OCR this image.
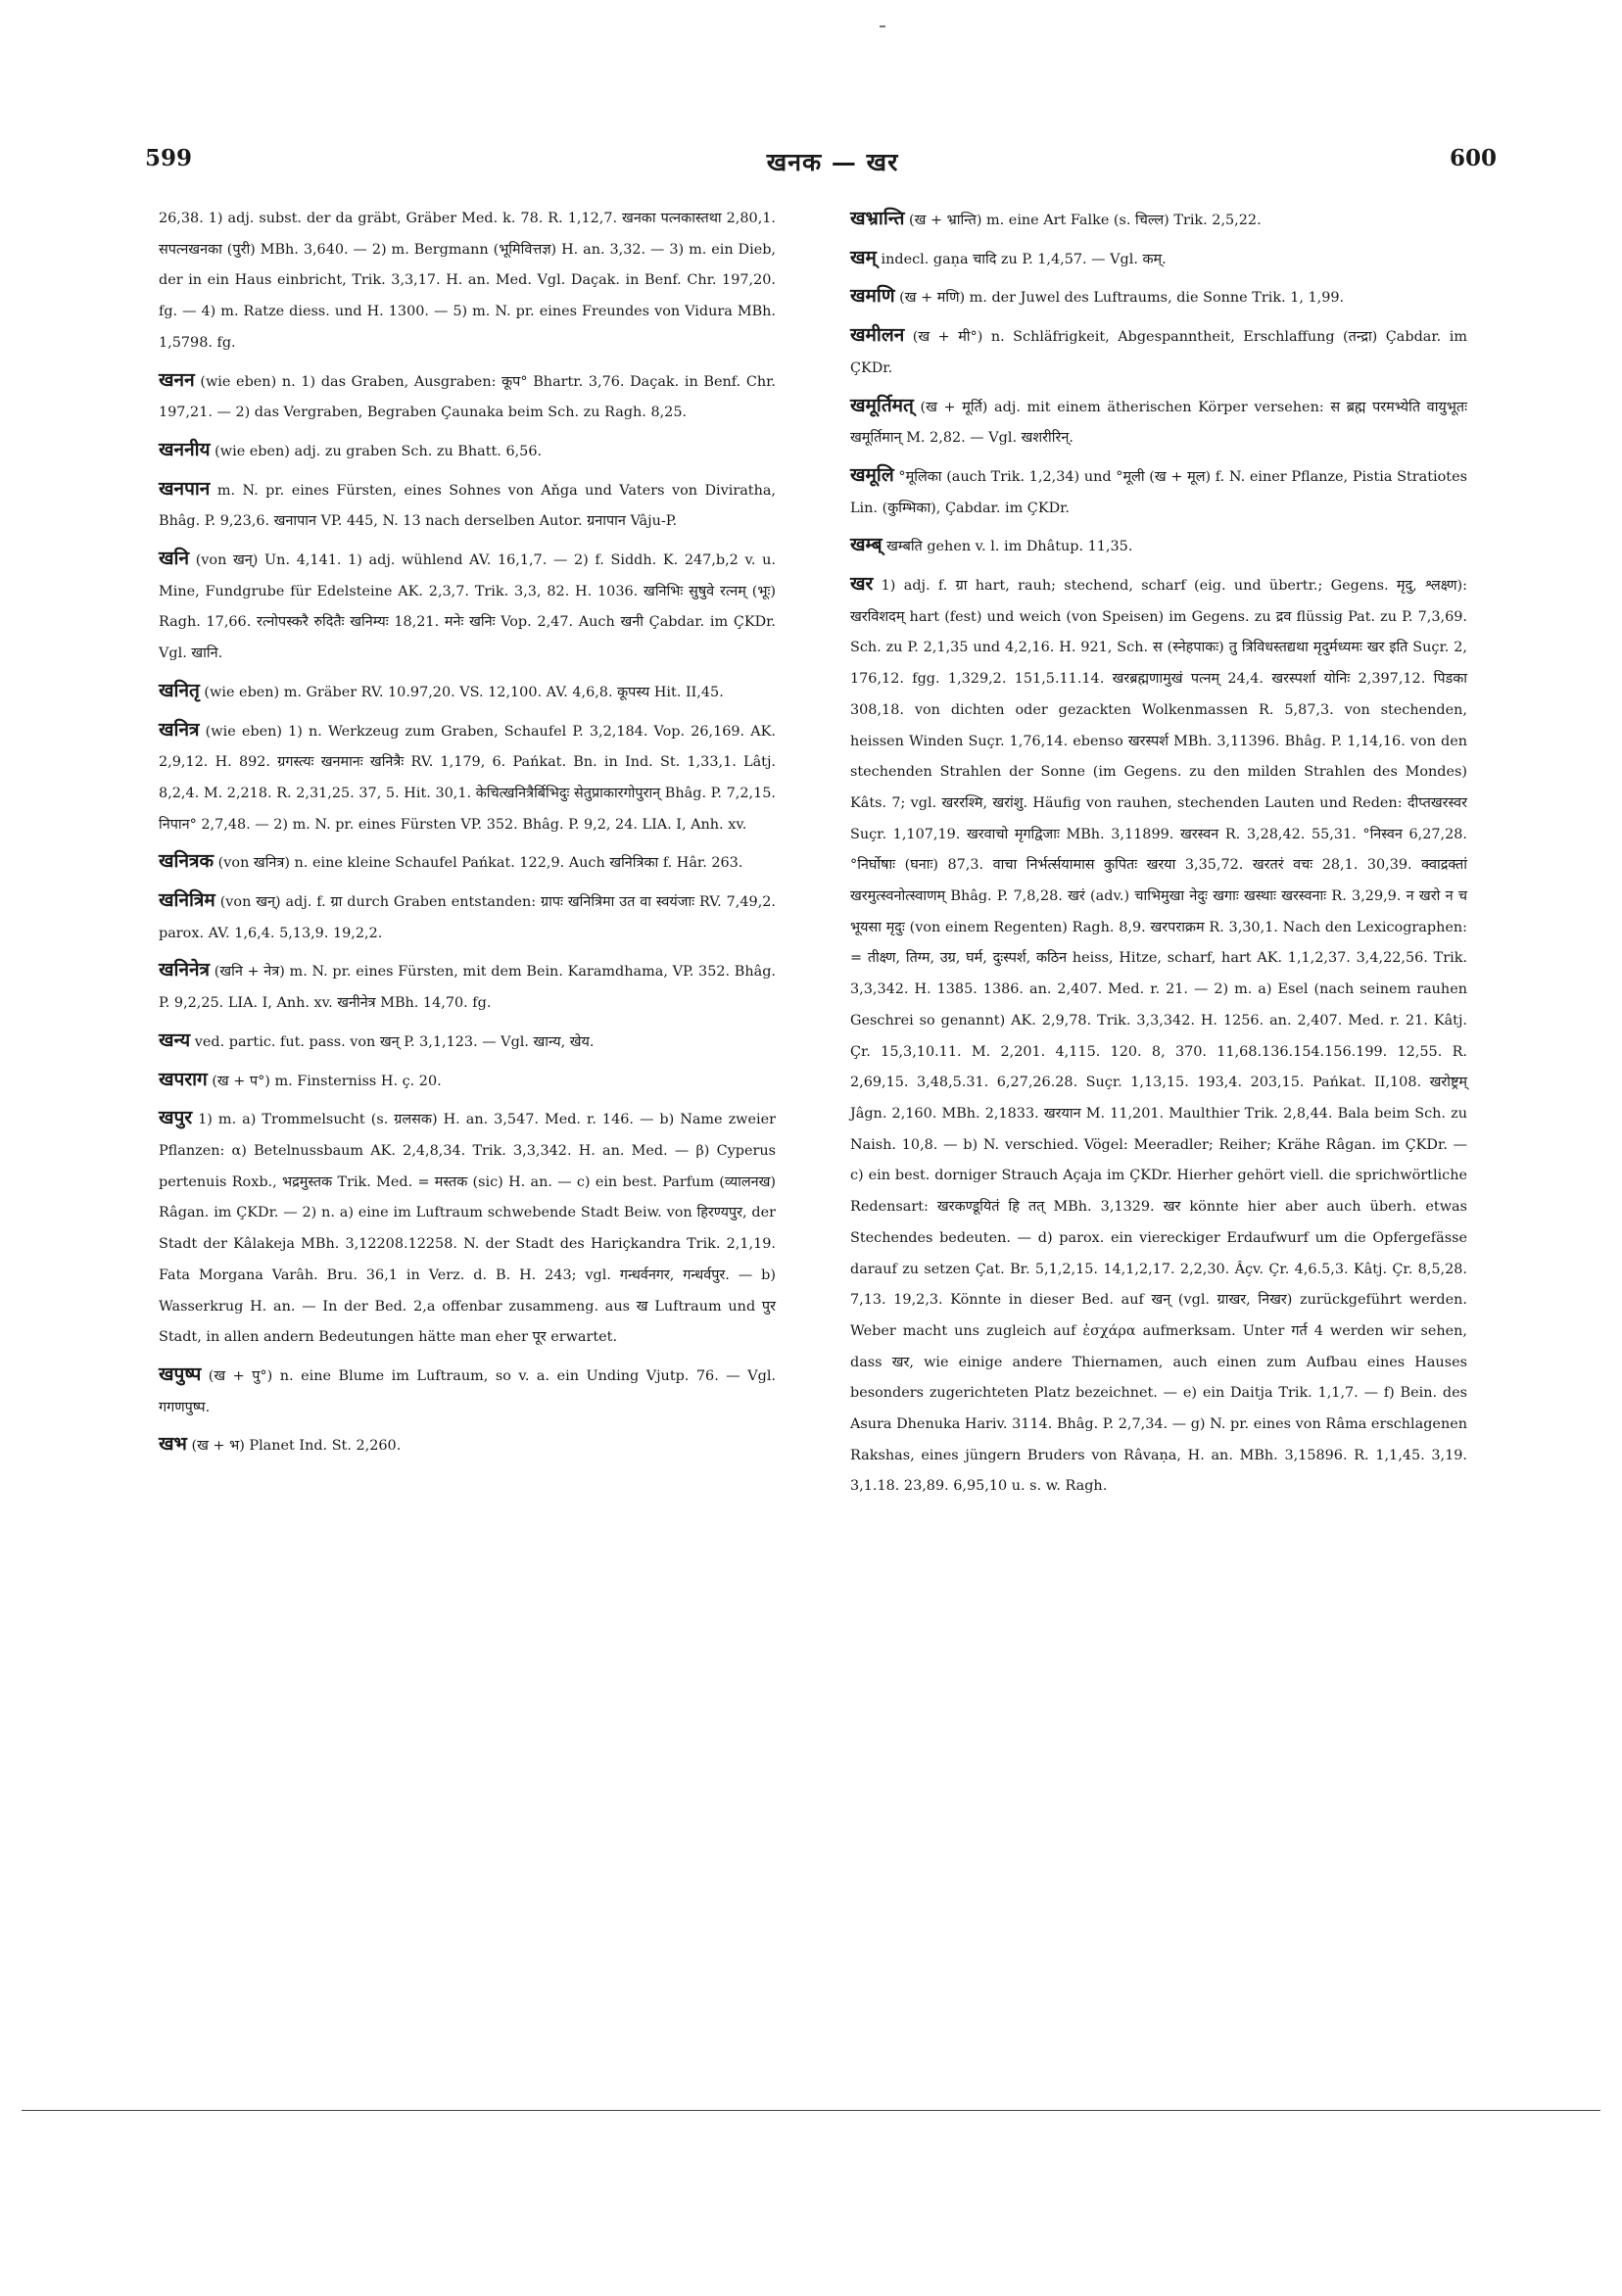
599	खनक — खर	600

26,38. 1) adj. subst. der da gräbt, Gräber Med. k. 78. R. 1,12,7. खनका पत्नकास्तथा 2,80,1. सपत्नखनका (पुरी) MBh. 3,640. — 2) m. Bergmann (भूमिवित्तज्ञ) H. an. 3,32. — 3) m. ein Dieb, der in ein Haus einbricht, Trik. 3,3,17. H. an. Med. Vgl. Daçak. in Benf. Chr. 197,20. fg. — 4) m. Ratze diess. und H. 1300. — 5) m. N. pr. eines Freundes von Vidura MBh. 1,5798. fg.

खनन (wie eben) n. 1) das Graben, Ausgraben: कूप° Bhartr. 3,76. Daçak. in Benf. Chr. 197,21. — 2) das Vergraben, Begraben Çaunaka beim Sch. zu Ragh. 8,25.

खननीय (wie eben) adj. zu graben Sch. zu Bhatt. 6,56.

खनपान m. N. pr. eines Fürsten, eines Sohnes von Aňga und Vaters von Diviratha, Bhâg. P. 9,23,6. खनापान VP. 445, N. 13 nach derselben Autor. ग्रनापान Vâju-P.

खनि (von खन्) Un. 4,141. 1) adj. wühlend AV. 16,1,7. — 2) f. Siddh. K. 247,b,2 v. u. Mine, Fundgrube für Edelsteine AK. 2,3,7. Trik. 3,3, 82. H. 1036. खनिभिः सुषुवे रत्नम् (भूः) Ragh. 17,66. रत्नोपस्करै रुदितैः खनिम्यः 18,21. मनेः खनिः Vop. 2,47. Auch खनी Çabdar. im ÇKDr. Vgl. खानि.

खनितृ (wie eben) m. Gräber RV. 10.97,20. VS. 12,100. AV. 4,6,8. कूपस्य Hit. II,45.

खनित्र (wie eben) 1) n. Werkzeug zum Graben, Schaufel P. 3,2,184. Vop. 26,169. AK. 2,9,12. H. 892. ग्रगस्त्यः खनमानः खनित्रैः RV. 1,179, 6. Pańkat. Bn. in Ind. St. 1,33,1. Lâtj. 8,2,4. M. 2,218. R. 2,31,25. 37, 5. Hit. 30,1. केचित्खनित्रैर्बिभिदुः सेतुप्राकारगोपुरान् Bhâg. P. 7,2,15. निपान° 2,7,48. — 2) m. N. pr. eines Fürsten VP. 352. Bhâg. P. 9,2, 24. LIA. I, Anh. xv.

खनित्रक (von खनित्र) n. eine kleine Schaufel Pańkat. 122,9. Auch खनित्रिका f. Hâr. 263.

खनित्रिम (von खन्) adj. f. ग्रा durch Graben entstanden: ग्रापः खनित्रिमा उत वा स्वयंजाः RV. 7,49,2. parox. AV. 1,6,4. 5,13,9. 19,2,2.

खनिनेत्र (खनि + नेत्र) m. N. pr. eines Fürsten, mit dem Bein. Karamdhama, VP. 352. Bhâg. P. 9,2,25. LIA. I, Anh. xv. खनीनेत्र MBh. 14,70. fg.

खन्य ved. partic. fut. pass. von खन् P. 3,1,123. — Vgl. खान्य, खेय.

खपराग (ख + प°) m. Finsterniss H. ç. 20.

खपुर 1) m. a) Trommelsucht (s. ग्रलसक) H. an. 3,547. Med. r. 146. — b) Name zweier Pflanzen: α) Betelnussbaum AK. 2,4,8,34. Trik. 3,3,342. H. an. Med. — β) Cyperus pertenuis Roxb., भद्रमुस्तक Trik. Med. = मस्तक (sic) H. an. — c) ein best. Parfum (व्यालनख) Râgan. im ÇKDr. — 2) n. a) eine im Luftraum schwebende Stadt Beiw. von हिरण्यपुर, der Stadt der Kâlakeja MBh. 3,12208.12258. N. der Stadt des Hariçkandra Trik. 2,1,19. Fata Morgana Varâh. Bru. 36,1 in Verz. d. B. H. 243; vgl. गन्धर्वनगर, गन्धर्वपुर. — b) Wasserkrug H. an. — In der Bed. 2,a offenbar zusammeng. aus ख Luftraum und पुर Stadt, in allen andern Bedeutungen hätte man eher पूर erwartet.

खपुष्प (ख + पु°) n. eine Blume im Luftraum, so v. a. ein Unding Vjutp. 76. — Vgl. गगणपुष्प.

खभ (ख + भ) Planet Ind. St. 2,260.

खभ्रान्ति (ख + भ्रान्ति) m. eine Art Falke (s. चिल्ल) Trik. 2,5,22.

खम् indecl. gaṇa चादि zu P. 1,4,57. — Vgl. कम्.

खमणि (ख + मणि) m. der Juwel des Luftraums, die Sonne Trik. 1, 1,99.

खमीलन (ख + मी°) n. Schläfrigkeit, Abgespanntheit, Erschlaffung (तन्द्रा) Çabdar. im ÇKDr.

खमूर्तिमत् (ख + मूर्ति) adj. mit einem ätherischen Körper versehen: स ब्रह्म परमभ्येति वायुभूतः खमूर्तिमान् M. 2,82. — Vgl. खशरीरिन्.

खमूलि °मूलिका (auch Trik. 1,2,34) und °मूली (ख + मूल) f. N. einer Pflanze, Pistia Stratiotes Lin. (कुम्भिका), Çabdar. im ÇKDr.

खम्ब् खम्बति gehen v. l. im Dhâtup. 11,35.

खर 1) adj. f. ग्रा hart, rauh; stechend, scharf (eig. und übertr.; Gegens. मृदु, श्लक्ष्ण): खरविशदम् hart (fest) und weich (von Speisen) im Gegens. zu द्रव flüssig Pat. zu P. 7,3,69. Sch. zu P. 2,1,35 und 4,2,16. H. 921, Sch. स (स्नेहपाकः) तु त्रिविधस्तद्यथा मृदुर्मध्यमः खर इति Suçr. 2, 176,12. fgg. 1,329,2. 151,5.11.14. खरब्रह्मणामुखं पत्नम् 24,4. खरस्पर्शा योनिः 2,397,12. पिडका 308,18. von dichten oder gezackten Wolkenmassen R. 5,87,3. von stechenden, heissen Winden Suçr. 1,76,14. ebenso खरस्पर्श MBh. 3,11396. Bhâg. P. 1,14,16. von den stechenden Strahlen der Sonne (im Gegens. zu den milden Strahlen des Mondes) Kâts. 7; vgl. खररश्मि, खरांशु. Häufig von rauhen, stechenden Lauten und Reden: दीप्तखरस्वर Suçr. 1,107,19. खरवाचो मृगद्विजाः MBh. 3,11899. खरस्वन R. 3,28,42. 55,31. °निस्वन 6,27,28. °निर्घोषाः (घनाः) 87,3. वाचा निर्भर्त्सयामास कुपितः खरया 3,35,72. खरतरं वचः 28,1. 30,39. क्वाद्रक्तां खरमुत्स्वनोत्स्वाणम् Bhâg. P. 7,8,28. खरं (adv.) चाभिमुखा नेदुः खगाः खस्थाः खरस्वनाः R. 3,29,9. न खरो न च भूयसा मृदुः (von einem Regenten) Ragh. 8,9. खरपराक्रम R. 3,30,1. Nach den Lexicographen: = तीक्ष्ण, तिग्म, उग्र, घर्म, दुःस्पर्श, कठिन heiss, Hitze, scharf, hart AK. 1,1,2,37. 3,4,22,56. Trik. 3,3,342. H. 1385. 1386. an. 2,407. Med. r. 21. — 2) m. a) Esel (nach seinem rauhen Geschrei so genannt) AK. 2,9,78. Trik. 3,3,342. H. 1256. an. 2,407. Med. r. 21. Kâtj. Çr. 15,3,10.11. M. 2,201. 4,115. 120. 8, 370. 11,68.136.154.156.199. 12,55. R. 2,69,15. 3,48,5.31. 6,27,26.28. Suçr. 1,13,15. 193,4. 203,15. Pańkat. II,108. खरोष्ट्रम् Jâgn. 2,160. MBh. 2,1833. खरयान M. 11,201. Maulthier Trik. 2,8,44. Bala beim Sch. zu Naish. 10,8. — b) N. verschied. Vögel: Meeradler; Reiher; Krähe Râgan. im ÇKDr. — c) ein best. dorniger Strauch Açaja im ÇKDr. Hierher gehört viell. die sprichwörtliche Redensart: खरकण्डूयितं हि तत् MBh. 3,1329. खर könnte hier aber auch überh. etwas Stechendes bedeuten. — d) parox. ein viereckiger Erdaufwurf um die Opfergefässe darauf zu setzen Çat. Br. 5,1,2,15. 14,1,2,17. 2,2,30. Âçv. Çr. 4,6.5,3. Kâtj. Çr. 8,5,28. 7,13. 19,2,3. Könnte in dieser Bed. auf खन् (vgl. ग्राखर, निखर) zurückgeführt werden. Weber macht uns zugleich auf ἐσχάρα aufmerksam. Unter गर्त 4 werden wir sehen, dass खर, wie einige andere Thiernamen, auch einen zum Aufbau eines Hauses besonders zugerichteten Platz bezeichnet. — e) ein Daitja Trik. 1,1,7. — f) Bein. des Asura Dhenuka Hariv. 3114. Bhâg. P. 2,7,34. — g) N. pr. eines von Râma erschlagenen Rakshas, eines jüngern Bruders von Râvaṇa, H. an. MBh. 3,15896. R. 1,1,45. 3,19. 3,1.18. 23,89. 6,95,10 u. s. w. Ragh.
